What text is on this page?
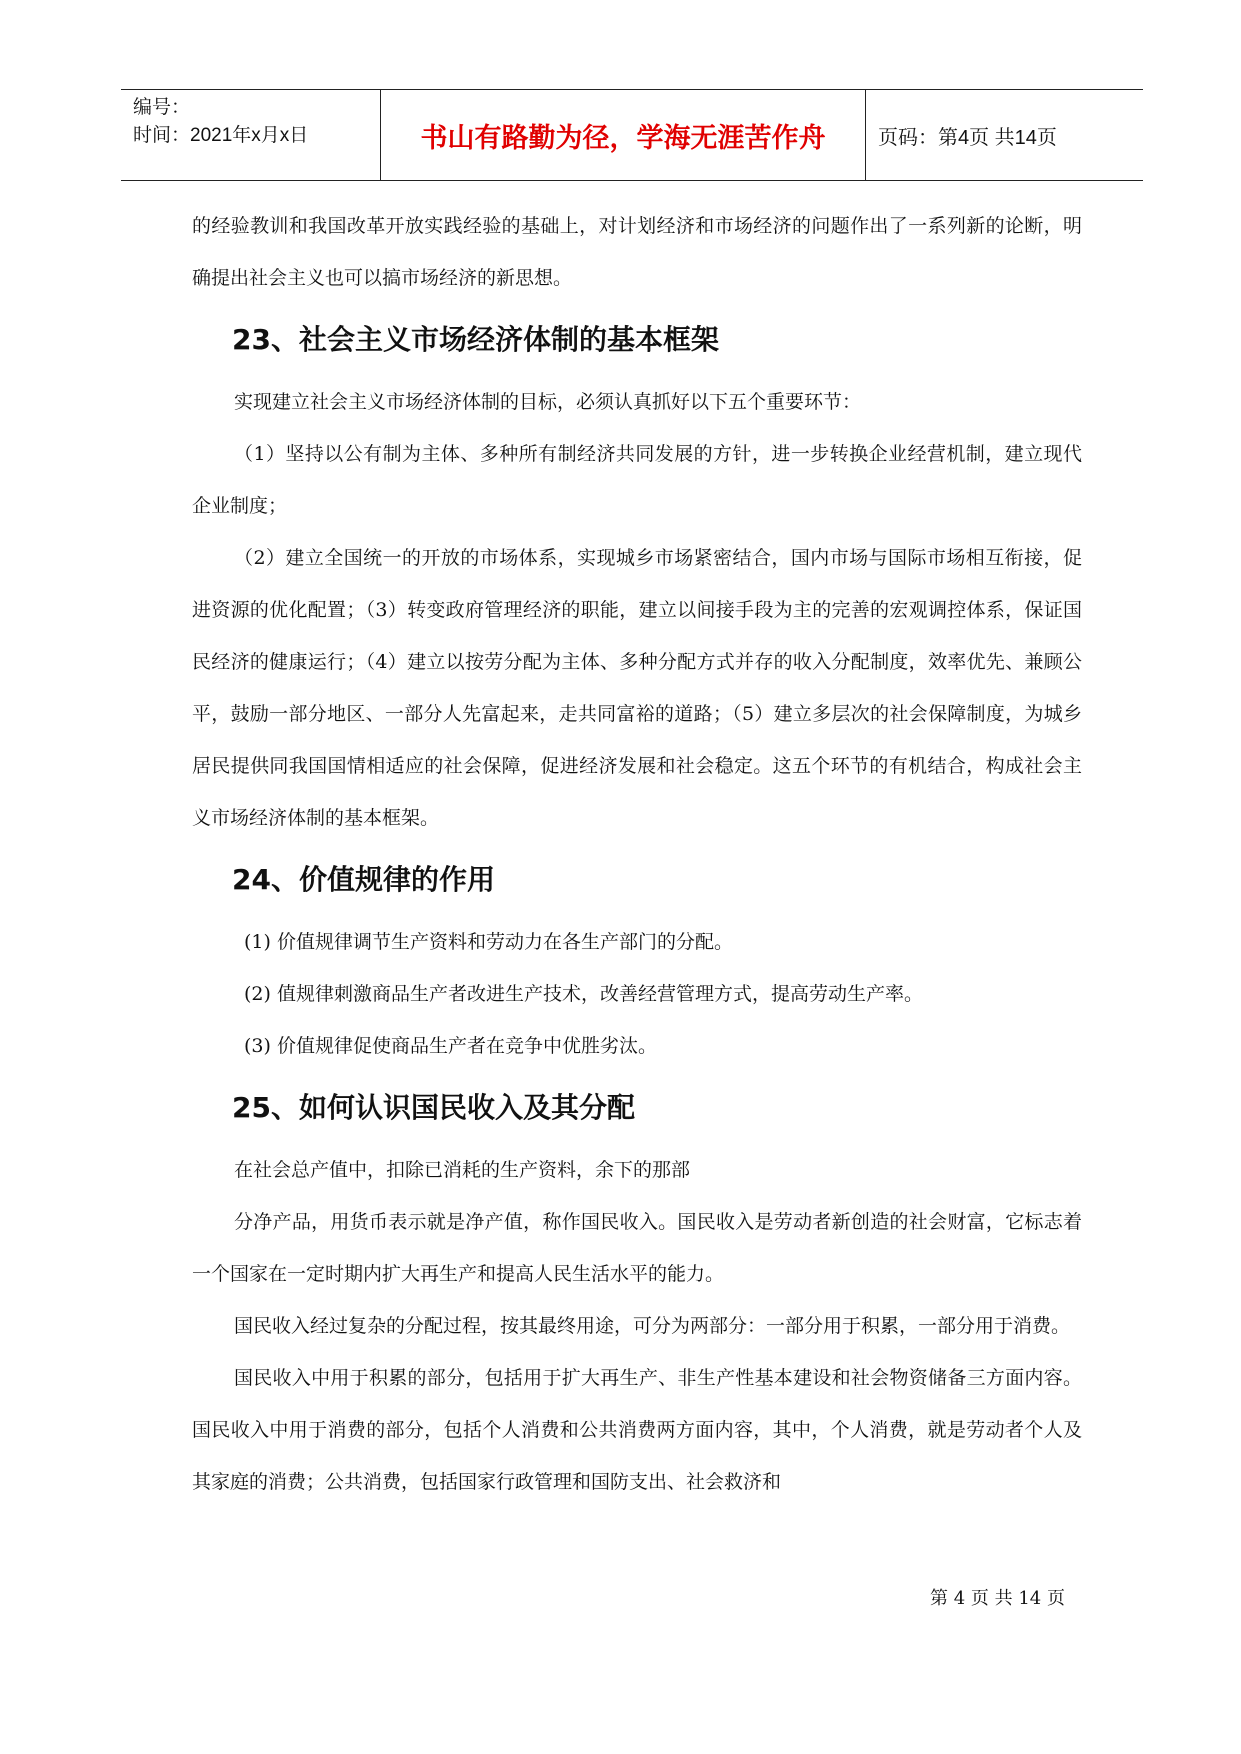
编号：
时间：2021年x月x日	书山有路勤为径，学海无涯苦作舟	页码：第4页 共14页

的经验教训和我国改革开放实践经验的基础上，对计划经济和市场经济的问题作出了一系列新的论断，明确提出社会主义也可以搞市场经济的新思想。

23、社会主义市场经济体制的基本框架

实现建立社会主义市场经济体制的目标，必须认真抓好以下五个重要环节：

（1）坚持以公有制为主体、多种所有制经济共同发展的方针，进一步转换企业经营机制，建立现代企业制度；

（2）建立全国统一的开放的市场体系，实现城乡市场紧密结合，国内市场与国际市场相互衔接，促进资源的优化配置；（3）转变政府管理经济的职能，建立以间接手段为主的完善的宏观调控体系，保证国民经济的健康运行；（4）建立以按劳分配为主体、多种分配方式并存的收入分配制度，效率优先、兼顾公平，鼓励一部分地区、一部分人先富起来，走共同富裕的道路；（5）建立多层次的社会保障制度，为城乡居民提供同我国国情相适应的社会保障，促进经济发展和社会稳定。这五个环节的有机结合，构成社会主义市场经济体制的基本框架。

24、价值规律的作用
(1) 价值规律调节生产资料和劳动力在各生产部门的分配。
(2) 值规律刺激商品生产者改进生产技术，改善经营管理方式，提高劳动生产率。
(3) 价值规律促使商品生产者在竞争中优胜劣汰。
25、如何认识国民收入及其分配

在社会总产值中，扣除已消耗的生产资料，余下的那部

分净产品，用货币表示就是净产值，称作国民收入。国民收入是劳动者新创造的社会财富，它标志着一个国家在一定时期内扩大再生产和提高人民生活水平的能力。

国民收入经过复杂的分配过程，按其最终用途，可分为两部分：一部分用于积累，一部分用于消费。

国民收入中用于积累的部分，包括用于扩大再生产、非生产性基本建设和社会物资储备三方面内容。国民收入中用于消费的部分，包括个人消费和公共消费两方面内容，其中，个人消费，就是劳动者个人及其家庭的消费；公共消费，包括国家行政管理和国防支出、社会救济和

第 4 页 共 14 页
